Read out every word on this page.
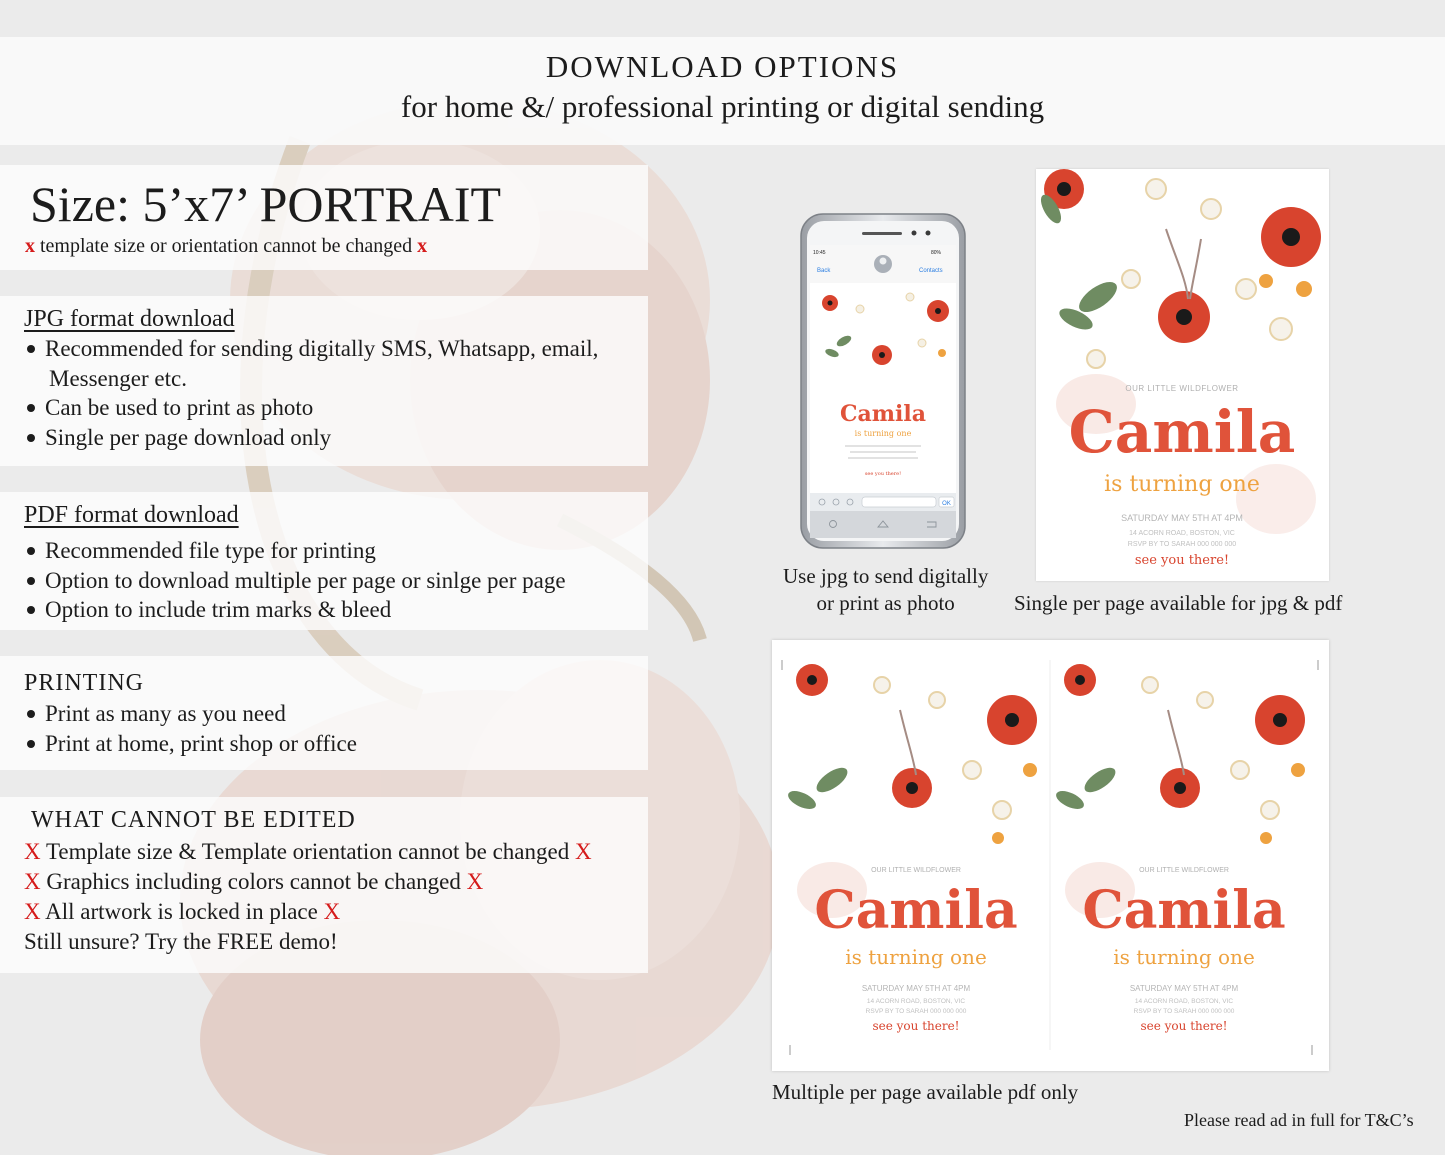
DOWNLOAD OPTIONS
for home &/ professional printing or digital sending
Size: 5’x7’ PORTRAIT
x template size or orientation cannot be changed x
JPG format download
Recommended for sending digitally SMS, Whatsapp, email,
Messenger etc.
Can be used to print as photo
Single per page download only
PDF format download
Recommended file type for printing
Option to download multiple per page or sinlge per page
Option to include trim marks & bleed
PRINTING
Print as many as you need
Print at home, print shop or office
WHAT CANNOT BE EDITED
X Template size & Template orientation cannot be changed X
X Graphics including colors cannot be changed X
X All artwork is locked in place X
Still unsure? Try the FREE demo!
10:45	80%
Back	Contacts
Camila
is turning one
see you there!
OK
Use jpg to send digitally
or print as photo
OUR LITTLE WILDFLOWER
Camila
is turning one
SATURDAY MAY 5TH AT 4PM
14 ACORN ROAD, BOSTON, VIC
RSVP BY TO SARAH 000 000 000
see you there!
Single per page available for jpg & pdf
OUR LITTLE WILDFLOWER
Camila
is turning one
SATURDAY MAY 5TH AT 4PM
14 ACORN ROAD, BOSTON, VIC
RSVP BY TO SARAH 000 000 000
see you there!
OUR LITTLE WILDFLOWER
Camila
is turning one
SATURDAY MAY 5TH AT 4PM
14 ACORN ROAD, BOSTON, VIC
RSVP BY TO SARAH 000 000 000
see you there!
Multiple per page available pdf only
Please read ad in full for T&C’s
